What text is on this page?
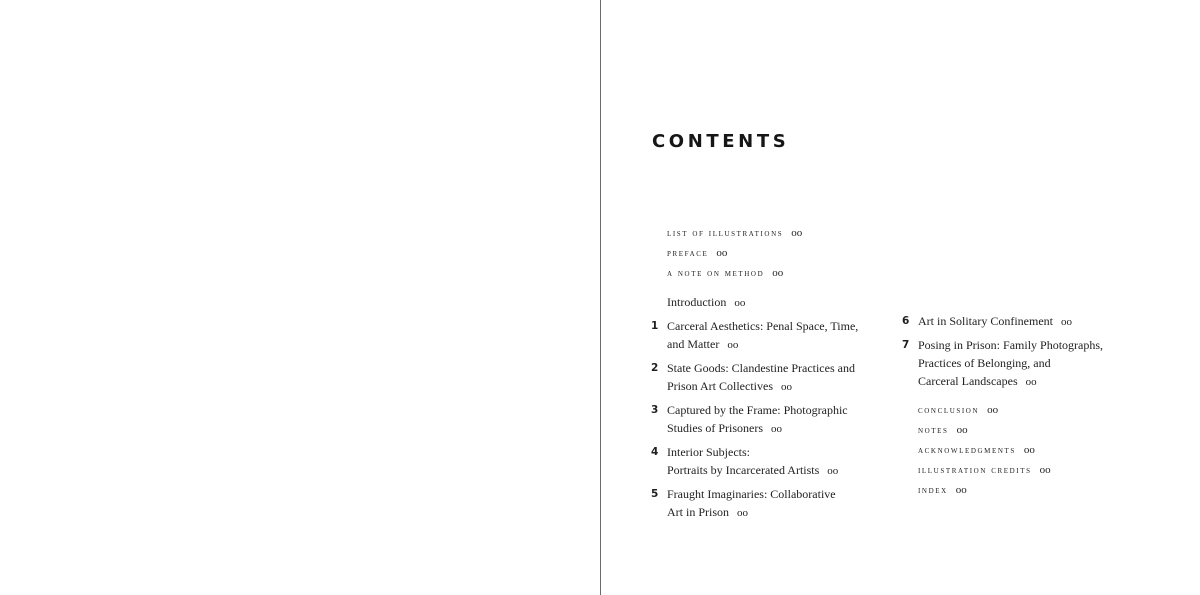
CONTENTS
list of illustrations oo
preface oo
a note on method oo
Introduction oo
1 Carceral Aesthetics: Penal Space, Time,
and Matter oo
2 State Goods: Clandestine Practices and
Prison Art Collectives oo
3 Captured by the Frame: Photographic
Studies of Prisoners oo
4 Interior Subjects:
Portraits by Incarcerated Artists oo
5 Fraught Imaginaries: Collaborative
Art in Prison oo
6 Art in Solitary Confinement oo
7 Posing in Prison: Family Photographs,
Practices of Belonging, and
Carceral Landscapes oo
conclusion oo
notes oo
acknowledgments oo
illustration credits oo
index oo
